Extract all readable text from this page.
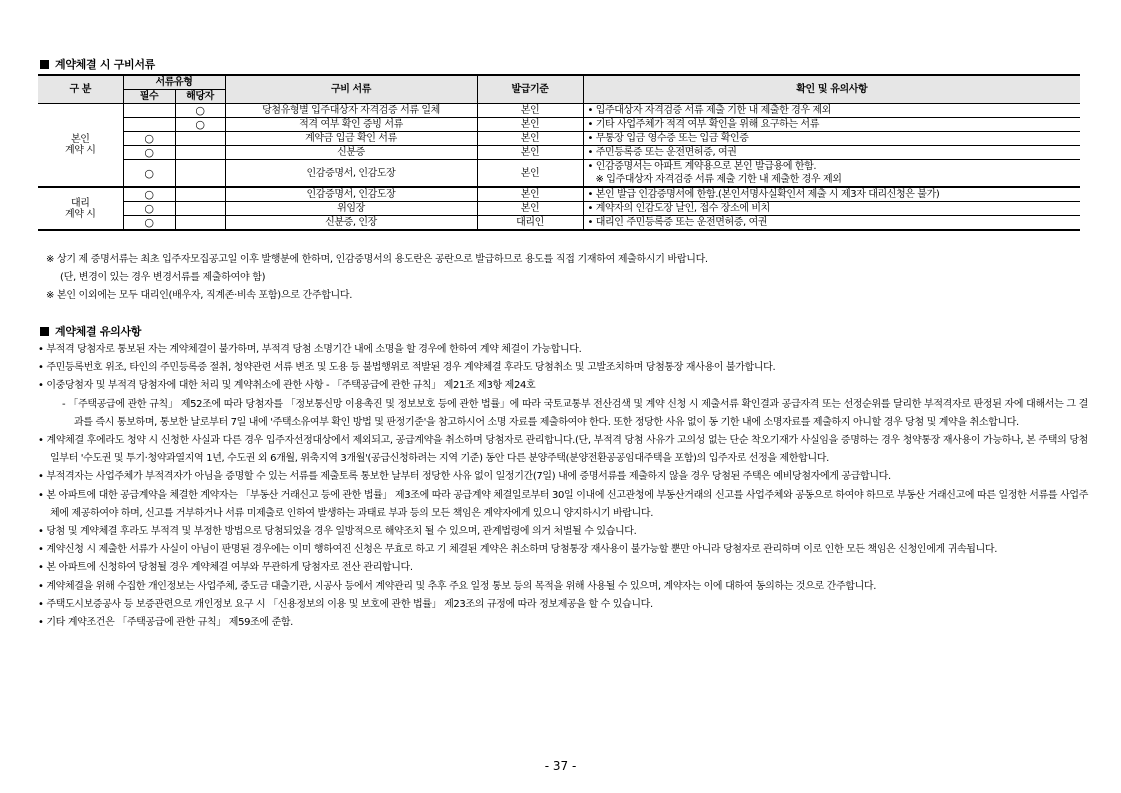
계약체결 시 구비서류
구 분	서류유형		구비 서류	발급기준	확인 및 유의사항
	필수	해당자			
본인
계약 시		○	당첨유형별 입주대상자 자격검증 서류 일체	본인	• 입주대상자 자격검증 서류 제출 기한 내 제출한 경우 제외
		○	적격 여부 확인 증빙 서류	본인	• 기타 사업주체가 적격 여부 확인을 위해 요구하는 서류
	○		계약금 입금 확인 서류	본인	• 무통장 입금 영수증 또는 입금 확인증
	○		신분증	본인	• 주민등록증 또는 운전면허증, 여권
	○		인감증명서, 인감도장	본인	• 인감증명서는 아파트 계약용으로 본인 발급용에 한함.
					※ 입주대상자 자격검증 서류 제출 기한 내 제출한 경우 제외
대리
계약 시	○		인감증명서, 인감도장	본인	• 본인 발급 인감증명서에 한함.(본인서명사실확인서 제출 시 제3자 대리신청은 불가)
	○		위임장	본인	• 계약자의 인감도장 날인, 접수 장소에 비치
	○		신분증, 인장	대리인	• 대리인 주민등록증 또는 운전면허증, 여권
※ 상기 제 증명서류는 최초 입주자모집공고일 이후 발행분에 한하며, 인감증명서의 용도란은 공란으로 발급하므로 용도를 직접 기재하여 제출하시기 바랍니다.
(단, 변경이 있는 경우 변경서류를 제출하여야 함)
※ 본인 이외에는 모두 대리인(배우자, 직계존·비속 포함)으로 간주합니다.
계약체결 유의사항

• 부적격 당첨자로 통보된 자는 계약체결이 불가하며, 부적격 당첨 소명기간 내에 소명을 할 경우에 한하여 계약 체결이 가능합니다.

• 주민등록번호 위조, 타인의 주민등록증 절취, 청약관련 서류 변조 및 도용 등 불법행위로 적발된 경우 계약체결 후라도 당첨취소 및 고발조치하며 당첨통장 재사용이 불가합니다.

• 이중당첨자 및 부적격 당첨자에 대한 처리 및 계약취소에 관한 사항 - 「주택공급에 관한 규칙」 제21조 제3항 제24호

- 「주택공급에 관한 규칙」 제52조에 따라 당첨자를 「정보통신망 이용촉진 및 정보보호 등에 관한 법률」에 따라 국토교통부 전산검색 및 계약 신청 시 제출서류 확인결과 공급자격 또는 선정순위를 달리한 부적격자로 판정된 자에 대해서는 그 결과를 즉시 통보하며, 통보한 날로부터 7일 내에 '주택소유여부 확인 방법 및 판정기준'을 참고하시어 소명 자료를 제출하여야 한다. 또한 정당한 사유 없이 동 기한 내에 소명자료를 제출하지 아니할 경우 당첨 및 계약을 취소합니다.

• 계약체결 후에라도 청약 시 신청한 사실과 다른 경우 입주자선정대상에서 제외되고, 공급계약을 취소하며 당첨자로 관리합니다.(단, 부적격 당첨 사유가 고의성 없는 단순 착오기재가 사실임을 증명하는 경우 청약통장 재사용이 가능하나, 본 주택의 당첨일부터 '수도권 및 투기·청약과열지역 1년, 수도권 외 6개월, 위축지역 3개월'(공급신청하려는 지역 기준) 동안 다른 분양주택(분양전환공공임대주택을 포함)의 입주자로 선정을 제한합니다.

• 부적격자는 사업주체가 부적격자가 아님을 증명할 수 있는 서류를 제출토록 통보한 날부터 정당한 사유 없이 일정기간(7일) 내에 증명서류를 제출하지 않을 경우 당첨된 주택은 예비당첨자에게 공급합니다.

• 본 아파트에 대한 공급계약을 체결한 계약자는 「부동산 거래신고 등에 관한 법률」 제3조에 따라 공급계약 체결일로부터 30일 이내에 신고관청에 부동산거래의 신고를 사업주체와 공동으로 하여야 하므로 부동산 거래신고에 따른 일정한 서류를 사업주체에 제공하여야 하며, 신고를 거부하거나 서류 미제출로 인하여 발생하는 과태료 부과 등의 모든 책임은 계약자에게 있으니 양지하시기 바랍니다.

• 당첨 및 계약체결 후라도 부적격 및 부정한 방법으로 당첨되었을 경우 일방적으로 해약조치 될 수 있으며, 관계법령에 의거 처벌될 수 있습니다.

• 계약신청 시 제출한 서류가 사실이 아님이 판명된 경우에는 이미 행하여진 신청은 무효로 하고 기 체결된 계약은 취소하며 당첨통장 재사용이 불가능할 뿐만 아니라 당첨자로 관리하며 이로 인한 모든 책임은 신청인에게 귀속됩니다.

• 본 아파트에 신청하여 당첨될 경우 계약체결 여부와 무관하게 당첨자로 전산 관리합니다.

• 계약체결을 위해 수집한 개인정보는 사업주체, 중도금 대출기관, 시공사 등에서 계약관리 및 추후 주요 일정 통보 등의 목적을 위해 사용될 수 있으며, 계약자는 이에 대하여 동의하는 것으로 간주합니다.

• 주택도시보증공사 등 보증관련으로 개인정보 요구 시 「신용정보의 이용 및 보호에 관한 법률」 제23조의 규정에 따라 정보제공을 할 수 있습니다.

• 기타 계약조건은 「주택공급에 관한 규칙」 제59조에 준함.

- 37 -
